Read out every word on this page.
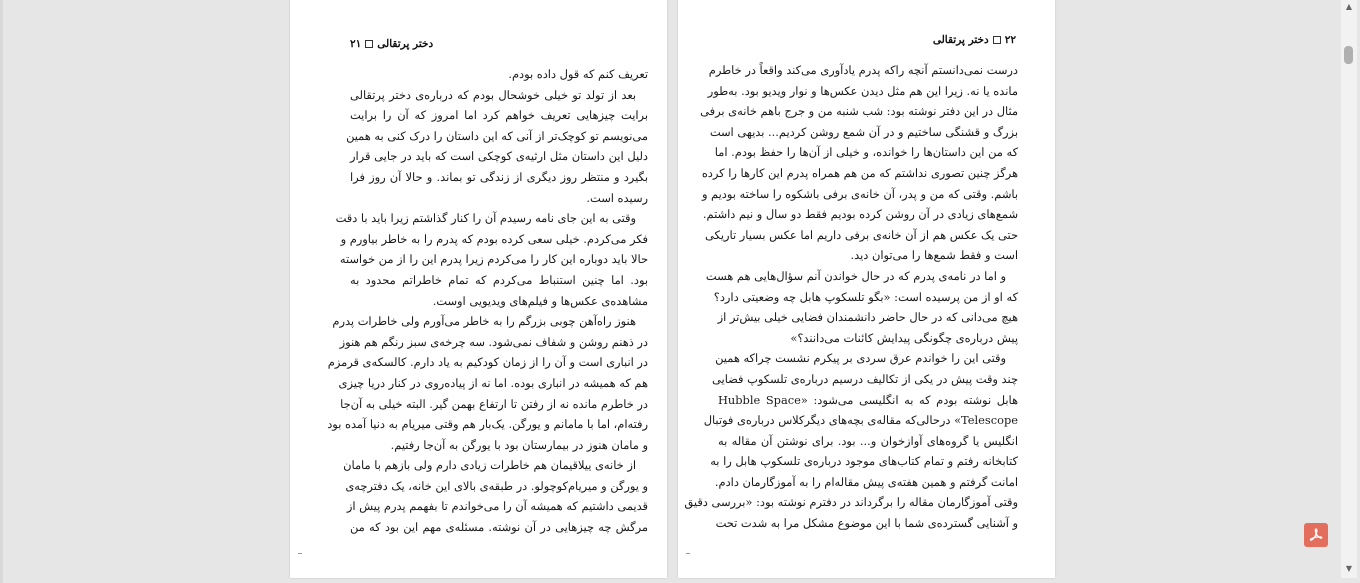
دختر پرتقالی۲۱
تعریف کنم که قول داده بودم.
بعد از تولد تو خیلی خوشحال بودم که درباره‌ی دختر پرتقالی
برایت چیزهایی تعریف خواهم کرد اما امروز که آن را برایت
می‌نویسم تو کوچک‌تر از آنی که این داستان را درک کنی به همین
دلیل این داستان مثل ارثیه‌ی کوچکی است که باید در جایی قرار
بگیرد و منتظر روز دیگری از زندگی تو بماند. و حالا آن روز فرا
رسیده است.
وقتی به این جای نامه رسیدم آن را کنار گذاشتم زیرا باید با دقت
فکر می‌کردم. خیلی سعی کرده بودم که پدرم را به خاطر بیاورم و
حالا باید دوباره این کار را می‌کردم زیرا پدرم این را از من خواسته
بود. اما چنین استنباط می‌کردم که تمام خاطراتم محدود به
مشاهده‌ی عکس‌ها و فیلم‌های ویدیویی اوست.
هنوز راه‌آهن چوبی بزرگم را به خاطر می‌آورم ولی خاطرات پدرم
در ذهنم روشن و شفاف نمی‌شود. سه چرخه‌ی سبز رنگم هم هنوز
در انباری است و آن را از زمان کودکیم به یاد دارم. کالسکه‌ی قرمزم
هم که همیشه در انباری بوده. اما نه از پیاده‌روی در کنار دریا چیزی
در خاطرم مانده نه از رفتن تا ارتفاع بهمن گیر. البته خیلی به آن‌جا
رفته‌ام، اما با مامانم و یورگن. یک‌بار هم وقتی میریام به دنیا آمده بود
و مامان هنوز در بیمارستان بود با یورگن به آن‌جا رفتیم.
از خانه‌ی ییلاقیمان هم خاطرات زیادی دارم ولی بازهم با مامان
و یورگن و میریام‌کوچولو. در طبقه‌ی بالای این خانه، یک دفترچه‌ی
قدیمی داشتیم که همیشه آن را می‌خواندم تا بفهمم پدرم پیش از
مرگش چه چیزهایی در آن نوشته. مسئله‌ی مهم این بود که من
۲۲دختر پرتقالی
درست نمی‌دانستم آنچه راکه پدرم یادآوری می‌کند واقعاً در خاطرم
مانده یا نه. زیرا این هم مثل دیدن عکس‌ها و نوار ویدیو بود. به‌طور
مثال در این دفتر نوشته بود: شب شنبه من و جرج باهم خانه‌ی برفی
بزرگ و قشنگی ساختیم و در آن شمع روشن کردیم... بدیهی است
که من این داستان‌ها را خوانده، و خیلی از آن‌ها را حفظ بودم. اما
هرگز چنین تصوری نداشتم که من هم همراه پدرم این کارها را کرده
باشم. وقتی که من و پدر، آن خانه‌ی برفی باشکوه را ساخته بودیم و
شمع‌های زیادی در آن روشن کرده بودیم فقط دو سال و نیم داشتم.
حتی یک عکس هم از آن خانه‌ی برفی داریم اما عکس بسیار تاریکی
است و فقط شمع‌ها را می‌توان دید.
و اما در نامه‌ی پدرم که در حال خواندن آنم سؤال‌هایی هم هست
که او از من پرسیده است: «بگو تلسکوپ هابل چه وضعیتی دارد؟
هیچ می‌دانی که در حال حاضر دانشمندان فضایی خیلی بیش‌تر از
پیش درباره‌ی چگونگی پیدایش کائنات می‌دانند؟»
وقتی این را خواندم عرق سردی بر پیکرم نشست چراکه همین
چند وقت پیش در یکی از تکالیف درسیم درباره‌ی تلسکوپ فضایی
هابل نوشته بودم که به انگلیسی می‌شود: «Hubble Space
Telescope» درحالی‌که مقاله‌ی بچه‌های دیگرکلاس درباره‌ی فوتبال
انگلیس یا گروه‌های آوازخوان و... بود. برای نوشتن آن مقاله به
کتابخانه رفتم و تمام کتاب‌های موجود درباره‌ی تلسکوپ هابل را به
امانت گرفتم و همین هفته‌ی پیش مقاله‌ام را به آموزگارمان دادم.
وقتی آموزگارمان مقاله را برگرداند در دفترم نوشته بود: «بررسی دقیق
و آشنایی گسترده‌ی شما با این موضوع مشکل مرا به شدت تحت
▲
▼
